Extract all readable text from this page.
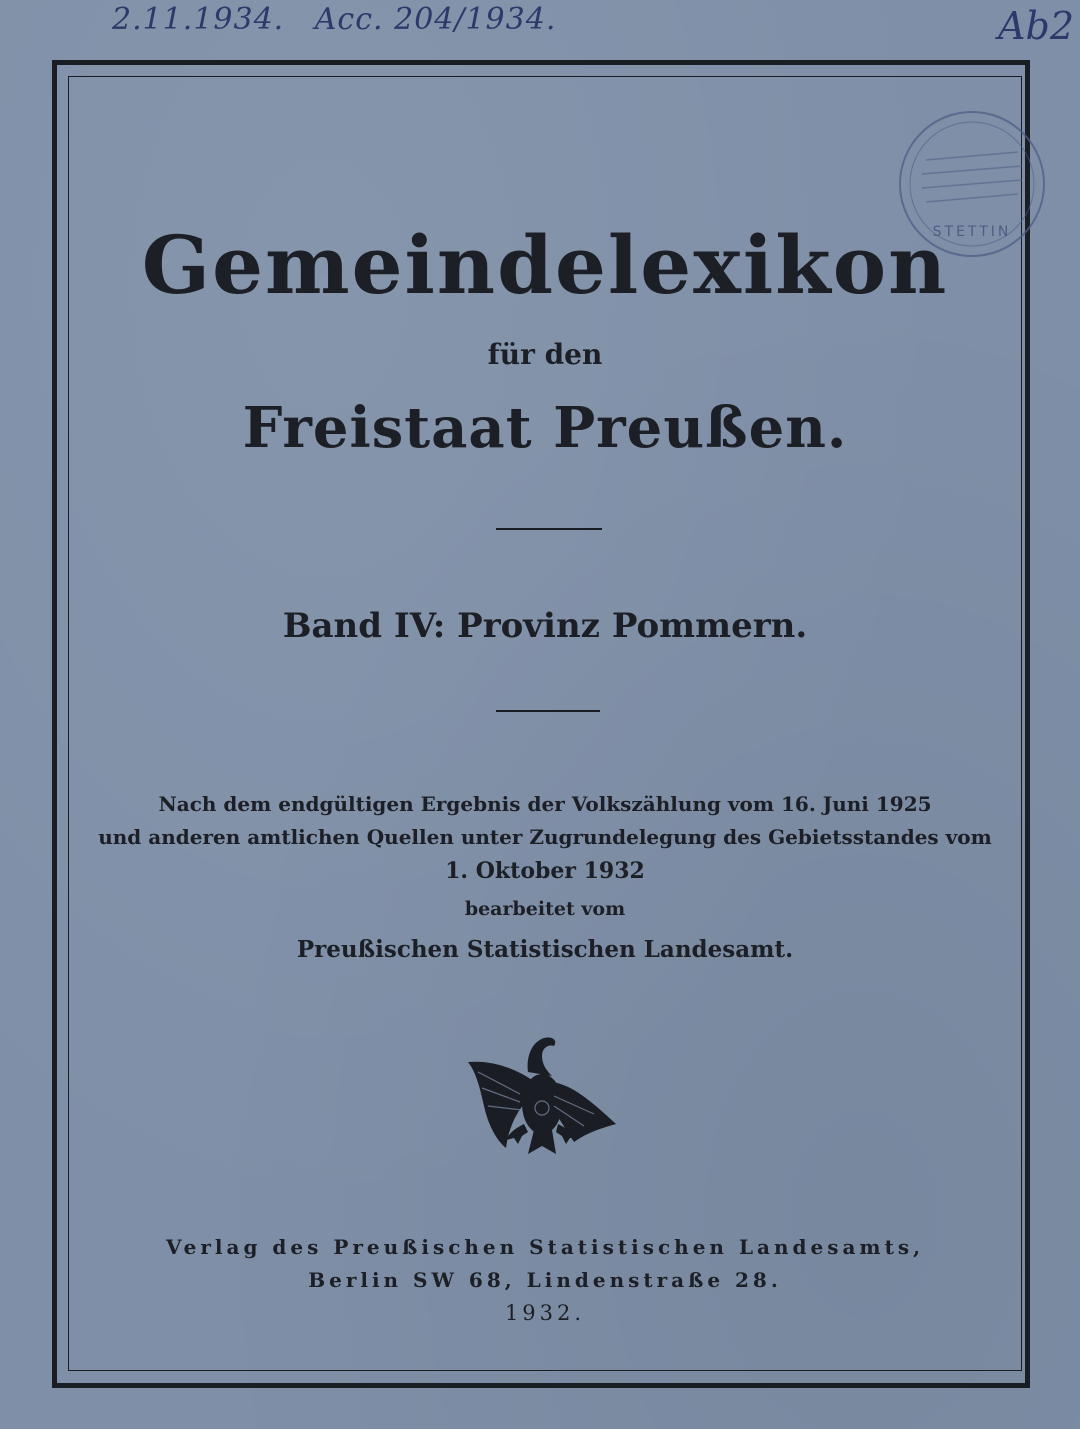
2.11.1934. Acc. 204/1934.	Ab2
STETTIN
Gemeindelexikon
für den
Freistaat Preußen.
Band IV: Provinz Pommern.
Nach dem endgültigen Ergebnis der Volkszählung vom 16. Juni 1925
und anderen amtlichen Quellen unter Zugrundelegung des Gebietsstandes vom
1. Oktober 1932
bearbeitet vom
Preußischen Statistischen Landesamt.
Verlag des Preußischen Statistischen Landesamts,
Berlin SW 68, Lindenstraße 28.
1932.
